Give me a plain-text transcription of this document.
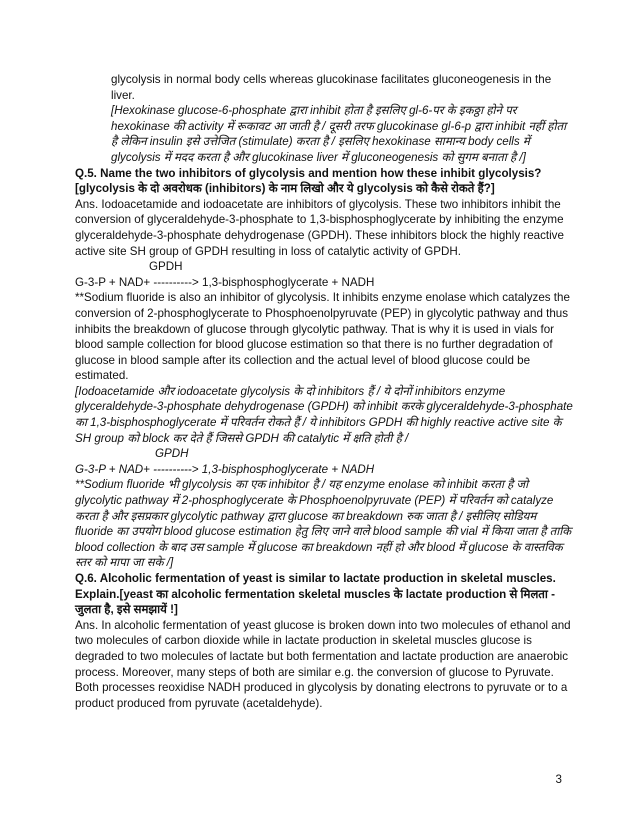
glycolysis in normal body cells whereas glucokinase facilitates gluconeogenesis in the liver.

[Hexokinase glucose-6-phosphate द्वारा inhibit होता है इसलिए gl-6-पर के इकठ्ठा होने पर hexokinase की activity में रूकावट आ जाती है / दूसरी तरफ glucokinase gl-6-p द्वारा inhibit नहीं होता है लेकिन insulin इसे उत्तेजित (stimulate) करता है / इसलिए hexokinase सामान्य body cells में glycolysis में मदद करता है और glucokinase liver में gluconeogenesis को सुगम बनाता है /]

Q.5. Name the two inhibitors of glycolysis and mention how these inhibit glycolysis?[glycolysis के दो अवरोधक (inhibitors) के नाम लिखो और ये glycolysis को कैसे रोकते हैं?]

Ans. Iodoacetamide and iodoacetate are inhibitors of glycolysis. These two inhibitors inhibit the conversion of glyceraldehyde-3-phosphate to 1,3-bisphosphoglycerate by inhibiting the enzyme glyceraldehyde-3-phosphate dehydrogenase (GPDH). These inhibitors block the highly reactive active site SH group of GPDH resulting in loss of catalytic activity of GPDH.

GPDH

G-3-P + NAD+ ----------> 1,3-bisphosphoglycerate + NADH

**Sodium fluoride is also an inhibitor of glycolysis. It inhibits enzyme enolase which catalyzes the conversion of 2-phosphoglycerate to Phosphoenolpyruvate (PEP) in glycolytic pathway and thus inhibits the breakdown of glucose through glycolytic pathway. That is why it is used in vials for blood sample collection for blood glucose estimation so that there is no further degradation of glucose in blood sample after its collection and the actual level of blood glucose could be estimated.

[Iodoacetamide और iodoacetate glycolysis के दो inhibitors हैं / ये दोनों inhibitors enzyme glyceraldehyde-3-phosphate dehydrogenase (GPDH) को inhibit करके glyceraldehyde-3-phosphate का 1,3-bisphosphoglycerate में परिवर्तन रोकते हैं / ये inhibitors GPDH की highly reactive active site के SH group को block कर देते हैं जिससे GPDH की catalytic में क्षति होती है /

GPDH

G-3-P + NAD+ ----------> 1,3-bisphosphoglycerate + NADH

**Sodium fluoride भी glycolysis का एक inhibitor है / यह enzyme enolase को inhibit करता है जो glycolytic pathway में 2-phosphoglycerate के Phosphoenolpyruvate (PEP) में परिवर्तन को catalyze करता है और इसप्रकार glycolytic pathway द्वारा glucose का breakdown रुक जाता है / इसीलिए सोडियम fluoride का उपयोग blood glucose estimation हेतु लिए जाने वाले blood sample की vial में किया जाता है ताकि blood collection के बाद उस sample में glucose का breakdown नहीं हो और blood में glucose के वास्तविक स्तर को मापा जा सके /]

Q.6. Alcoholic fermentation of yeast is similar to lactate production in skeletal muscles. Explain.[yeast का alcoholic fermentation skeletal muscles के lactate production से मिलता - जुलता है, इसे समझायें !]

Ans. In alcoholic fermentation of yeast glucose is broken down into two molecules of ethanol and two molecules of carbon dioxide while in lactate production in skeletal muscles glucose is degraded to two molecules of lactate but both fermentation and lactate production are anaerobic process. Moreover, many steps of both are similar e.g. the conversion of glucose to Pyruvate. Both processes reoxidise NADH produced in glycolysis by donating electrons to pyruvate or to a product produced from pyruvate (acetaldehyde).

3
